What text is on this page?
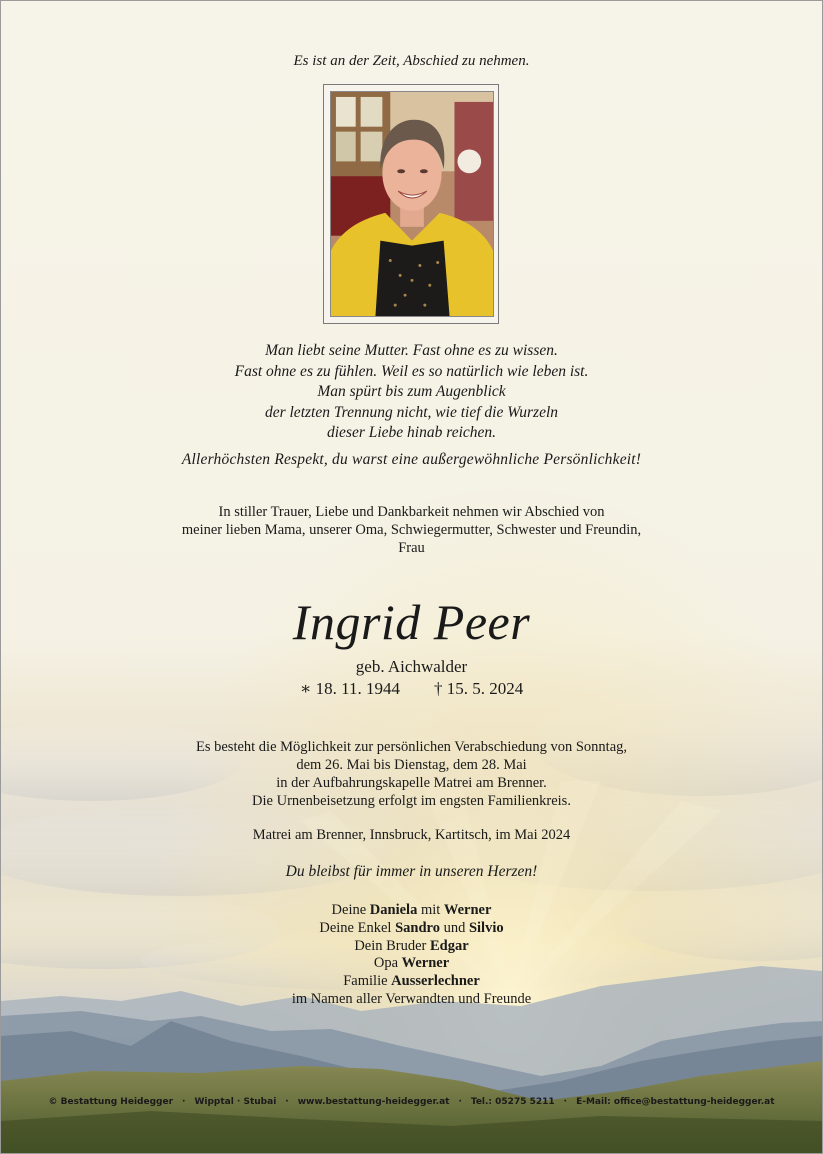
Es ist an der Zeit, Abschied zu nehmen.
Man liebt seine Mutter. Fast ohne es zu wissen.
Fast ohne es zu fühlen. Weil es so natürlich wie leben ist.
Man spürt bis zum Augenblick
der letzten Trennung nicht, wie tief die Wurzeln
dieser Liebe hinab reichen.
Allerhöchsten Respekt, du warst eine außergewöhnliche Persönlichkeit!
In stiller Trauer, Liebe und Dankbarkeit nehmen wir Abschied von
meiner lieben Mama, unserer Oma, Schwiegermutter, Schwester und Freundin,
Frau
Ingrid Peer
geb. Aichwalder
∗ 18. 11. 1944 † 15. 5. 2024
Es besteht die Möglichkeit zur persönlichen Verabschiedung von Sonntag,
dem 26. Mai bis Dienstag, dem 28. Mai
in der Aufbahrungskapelle Matrei am Brenner.
Die Urnenbeisetzung erfolgt im engsten Familienkreis.
Matrei am Brenner, Innsbruck, Kartitsch, im Mai 2024
Du bleibst für immer in unseren Herzen!
Deine Daniela mit Werner
Deine Enkel Sandro und Silvio
Dein Bruder Edgar
Opa Werner
Familie Ausserlechner
im Namen aller Verwandten und Freunde
© Bestattung Heidegger · Wipptal · Stubai · www.bestattung-heidegger.at · Tel.: 05275 5211 · E-Mail: office@bestattung-heidegger.at
